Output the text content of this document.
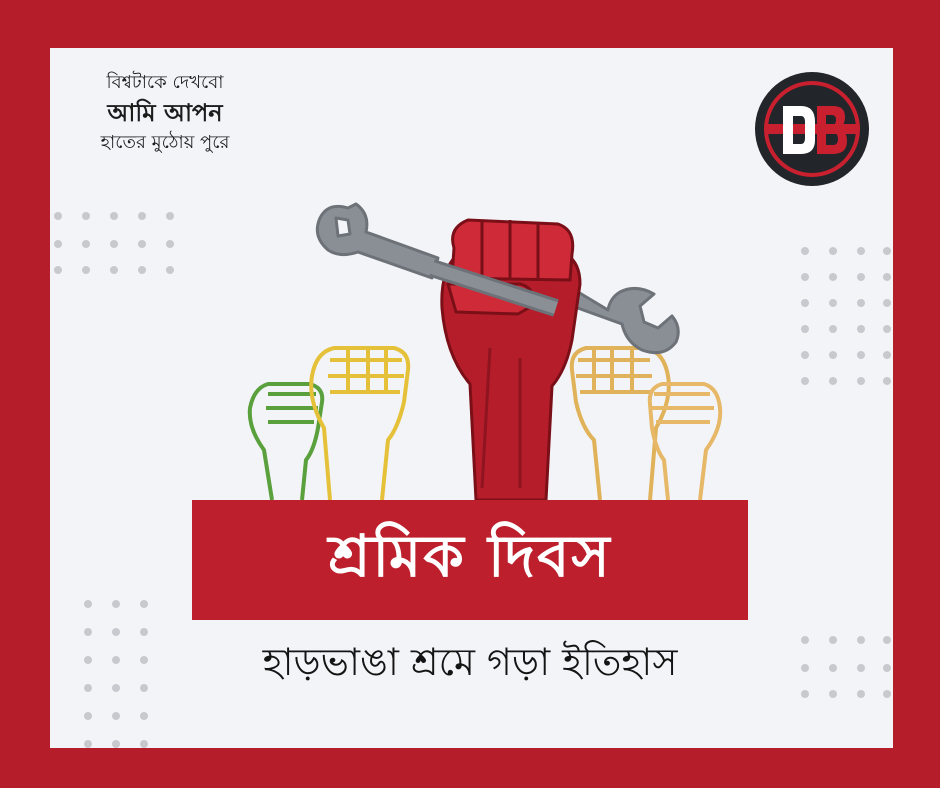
বিশ্বটাকে দেখবো
আমি আপন
হাতের মুঠোয় পুরে
শ্রমিক দিবস
হাড়ভাঙা শ্রমে গড়া ইতিহাস
